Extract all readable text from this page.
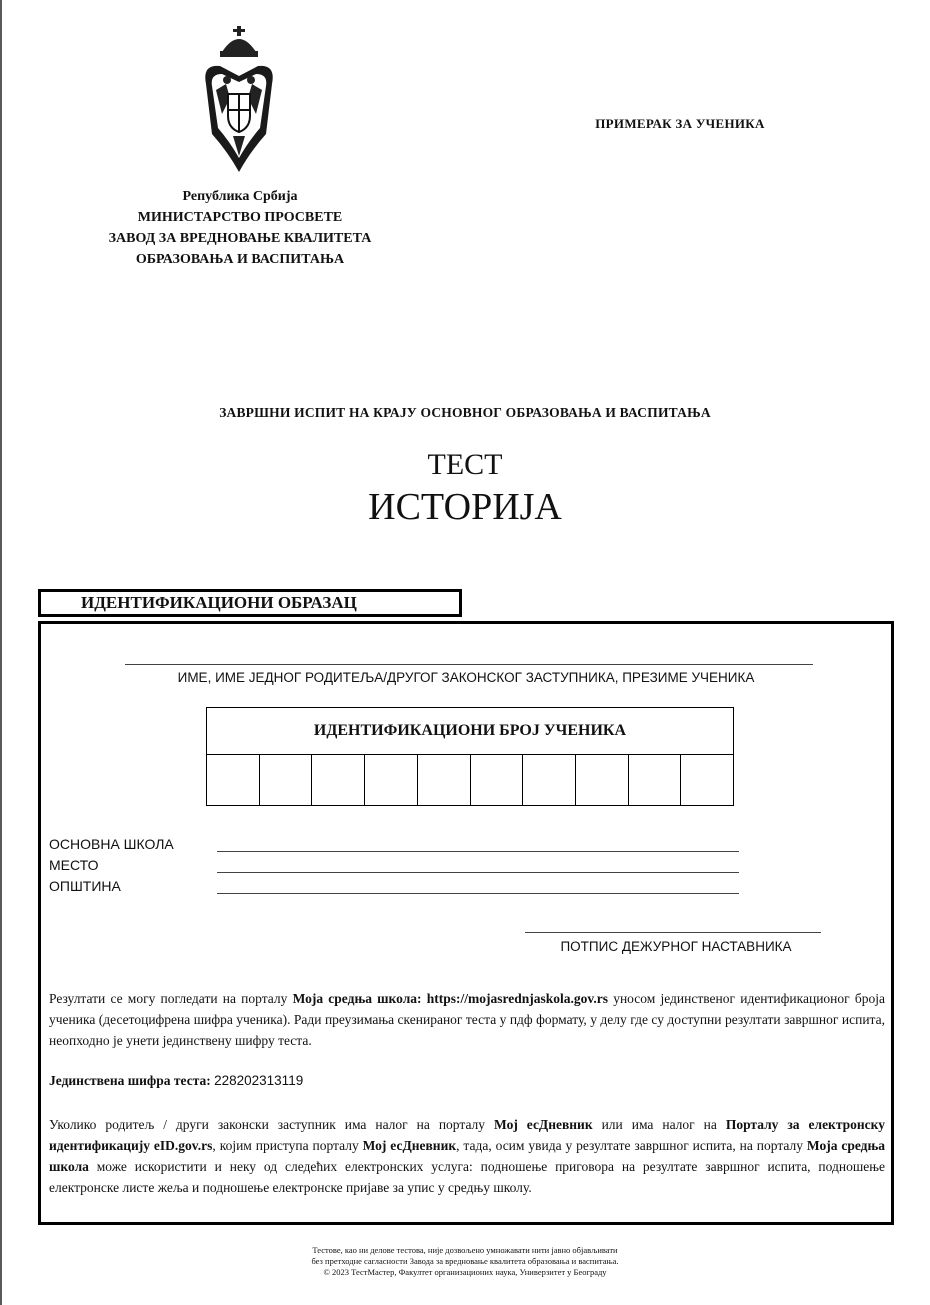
Република Србија
МИНИСТАРСТВО ПРОСВЕТЕ
ЗАВОД ЗА ВРЕДНОВАЊЕ КВАЛИТЕТА
ОБРАЗОВАЊА И ВАСПИТАЊА
ПРИМЕРАК ЗА УЧЕНИКА
ЗАВРШНИ ИСПИТ НА КРАЈУ ОСНОВНОГ ОБРАЗОВАЊА И ВАСПИТАЊА
ТЕСТ
ИСТОРИЈА
ИДЕНТИФИКАЦИОНИ ОБРАЗАЦ
ИМЕ, ИМЕ ЈЕДНОГ РОДИТЕЉА/ДРУГОГ ЗАКОНСКОГ ЗАСТУПНИКА, ПРЕЗИМЕ УЧЕНИКА
ИДЕНТИФИКАЦИОНИ БРОЈ УЧЕНИКА
ОСНОВНА ШКОЛА
МЕСТО
ОПШТИНА
ПОТПИС ДЕЖУРНОГ НАСТАВНИКА
Резултати се могу погледати на порталу Моја средња школа: https://mojasrednjaskola.gov.rs уносом јединственог идентификационог броја ученика (десетоцифрена шифра ученика). Ради преузимања скенираног теста у пдф формату, у делу где су доступни резултати завршног испита, неопходно је унети јединствену шифру теста.
Јединствена шифра теста: 228202313119
Уколико родитељ / други законски заступник има налог на порталу Мој есДневник или има налог на Порталу за електронску идентификацију eID.gov.rs, којим приступа порталу Мој есДневник, тада, осим увида у резултате завршног испита, на порталу Моја средња школа може искористити и неку од следећих електронских услуга: подношење приговора на резултате завршног испита, подношење електронске листе жеља и подношење електронске пријаве за упис у средњу школу.
Тестове, као ни делове тестова, није дозвољено умножавати нити јавно објављивати
без претходне сагласности Завода за вредновање квалитета образовања и васпитања.
© 2023 ТестМастер, Факултет организационих наука, Универзитет у Београду
